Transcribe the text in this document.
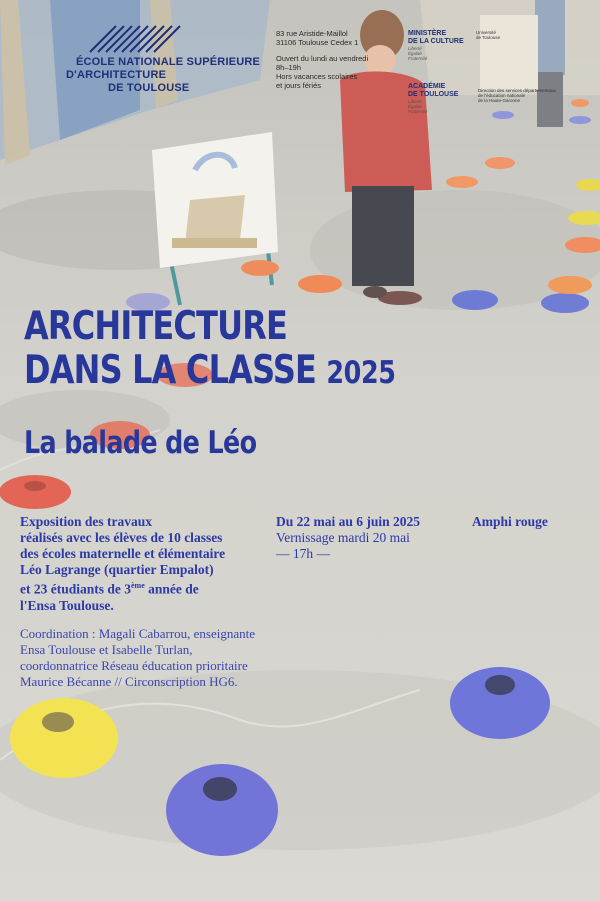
ÉCOLE NATIONALE SUPÉRIEURE
D'ARCHITECTURE
DE TOULOUSE
83 rue Aristide-Maillol
31106 Toulouse Cedex 1
Ouvert du lundi au vendredi
8h–19h
Hors vacances scolaires
et jours fériés
MINISTÈRE
DE LA CULTURE
Liberté
Égalité
Fraternité
Université
de Toulouse
ACADÉMIE
DE TOULOUSE
Liberté
Égalité
Fraternité
Direction des services départementaux
de l'éducation nationale
de la Haute-Garonne
ARCHITECTURE
DANS LA CLASSE 2025
La balade de Léo
Exposition des travaux
réalisés avec les élèves de 10 classes
des écoles maternelle et élémentaire
Léo Lagrange (quartier Empalot)
et 23 étudiants de 3ème année de
l'Ensa Toulouse.
Coordination : Magali Cabarrou, enseignante
Ensa Toulouse et Isabelle Turlan,
coordonnatrice Réseau éducation prioritaire
Maurice Bécanne // Circonscription HG6.
Du 22 mai au 6 juin 2025
Vernissage mardi 20 mai
— 17h —
Amphi rouge
